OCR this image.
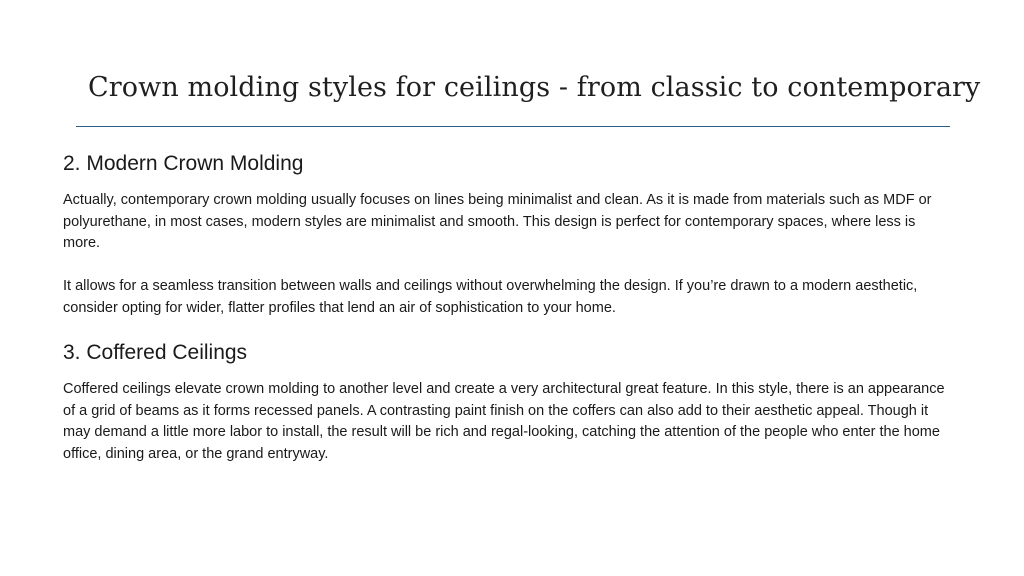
Crown molding styles for ceilings - from classic to contemporary
2. Modern Crown Molding

Actually, contemporary crown molding usually focuses on lines being minimalist and clean. As it is made from materials such as MDF or polyurethane, in most cases, modern styles are minimalist and smooth. This design is perfect for contemporary spaces, where less is more.

It allows for a seamless transition between walls and ceilings without overwhelming the design. If you’re drawn to a modern aesthetic, consider opting for wider, flatter profiles that lend an air of sophistication to your home.

3. Coffered Ceilings

Coffered ceilings elevate crown molding to another level and create a very architectural great feature. In this style, there is an appearance of a grid of beams as it forms recessed panels. A contrasting paint finish on the coffers can also add to their aesthetic appeal. Though it may demand a little more labor to install, the result will be rich and regal-looking, catching the attention of the people who enter the home office, dining area, or the grand entryway.
